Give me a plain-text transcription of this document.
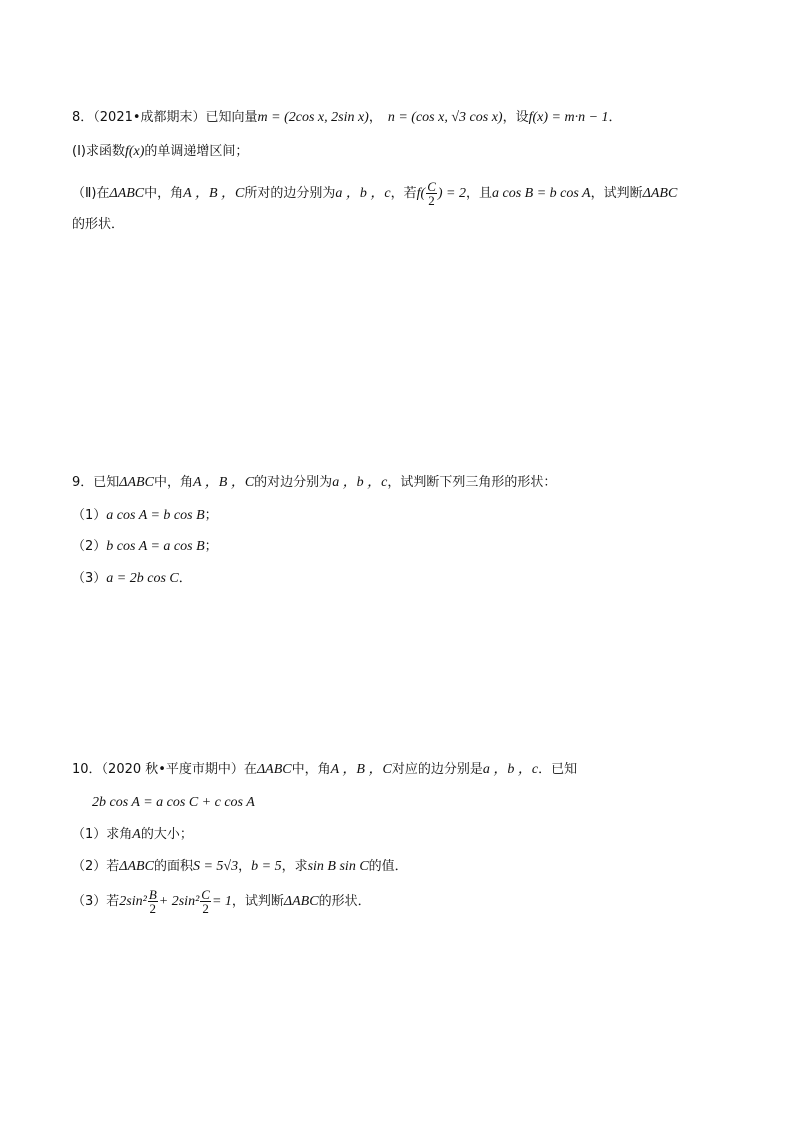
8．（2021•成都期末）已知向量m = (2cos x, 2sin x)， n = (cos x, √3 cos x)，设f(x) = m·n − 1．
(Ⅰ)求函数f(x)的单调递增区间；
（Ⅱ)在ΔABC中，角A ，B ，C所对的边分别为a ，b ，c，若$f( \frac{C}{2}$ ) = 2，且a cos B = b cos A，试判断ΔABC
的形状．
9．已知ΔABC中，角A ，B ，C的对边分别为a ，b ，c，试判断下列三角形的形状：
（1）a cos A = b cos B；
（2）b cos A = a cos B；
（3）a = 2b cos C．
10．（2020 秋•平度市期中）在ΔABC中，角A ，B ，C对应的边分别是a ，b ，c．已知
2b cos A = a cos C + c cos A
（1）求角A的大小；
（2）若ΔABC的面积S = 5√3，b = 5，求sin B sin C的值．
（3）若$2\sin^2 \frac{B}{2} + 2\sin^2 \frac{C}{2} = 1$，试判断ΔABC的形状．
